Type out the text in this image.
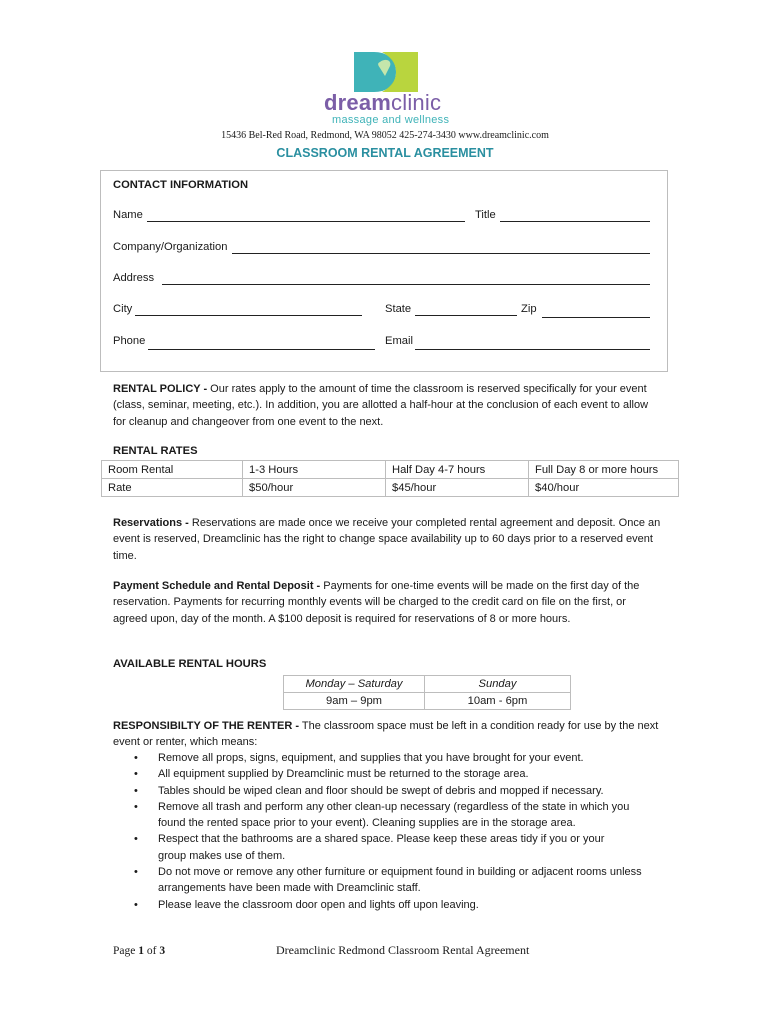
dreamclinic
massage and wellness
15436 Bel-Red Road, Redmond, WA 98052 425-274-3430 www.dreamclinic.com
CLASSROOM RENTAL AGREEMENT
CONTACT INFORMATION
Name	Title
Company/Organization
Address
City	State	Zip
Phone	Email
RENTAL POLICY - Our rates apply to the amount of time the classroom is reserved specifically for your event (class, seminar, meeting, etc.). In addition, you are allotted a half-hour at the conclusion of each event to allow for cleanup and changeover from one event to the next.
RENTAL RATES
Room Rental	1-3 Hours	Half Day 4-7 hours	Full Day 8 or more hours
Rate	$50/hour	$45/hour	$40/hour
Reservations - Reservations are made once we receive your completed rental agreement and deposit. Once an event is reserved, Dreamclinic has the right to change space availability up to 60 days prior to a reserved event time.
Payment Schedule and Rental Deposit - Payments for one-time events will be made on the first day of the reservation. Payments for recurring monthly events will be charged to the credit card on file on the first, or agreed upon, day of the month. A $100 deposit is required for reservations of 8 or more hours.
AVAILABLE RENTAL HOURS
Monday – Saturday	Sunday
9am – 9pm	10am - 6pm
RESPONSIBILTY OF THE RENTER - The classroom space must be left in a condition ready for use by the next event or renter, which means:
• Remove all props, signs, equipment, and supplies that you have brought for your event.
• All equipment supplied by Dreamclinic must be returned to the storage area.
• Tables should be wiped clean and floor should be swept of debris and mopped if necessary.
• Remove all trash and perform any other clean-up necessary (regardless of the state in which you found the rented space prior to your event). Cleaning supplies are in the storage area.
• Respect that the bathrooms are a shared space. Please keep these areas tidy if you or your group makes use of them.
• Do not move or remove any other furniture or equipment found in building or adjacent rooms unless arrangements have been made with Dreamclinic staff.
• Please leave the classroom door open and lights off upon leaving.
Page 1 of 3	Dreamclinic Redmond Classroom Rental Agreement
